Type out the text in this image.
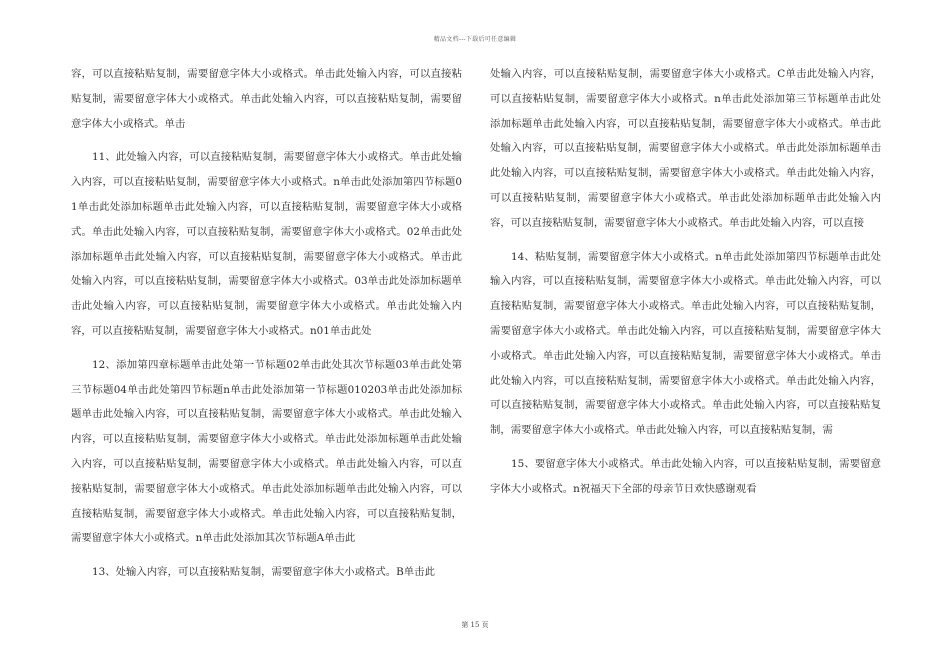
精品文档---下载后可任意编辑

容，可以直接粘贴复制，需要留意字体大小或格式。单击此处输入内容，可以直接粘贴复制，需要留意字体大小或格式。单击此处输入内容，可以直接粘贴复制，需要留意字体大小或格式。单击

11、此处输入内容，可以直接粘贴复制，需要留意字体大小或格式。单击此处输入内容，可以直接粘贴复制，需要留意字体大小或格式。n单击此处添加第四节标题01单击此处添加标题单击此处输入内容，可以直接粘贴复制，需要留意字体大小或格式。单击此处输入内容，可以直接粘贴复制，需要留意字体大小或格式。02单击此处添加标题单击此处输入内容，可以直接粘贴复制，需要留意字体大小或格式。单击此处输入内容，可以直接粘贴复制，需要留意字体大小或格式。03单击此处添加标题单击此处输入内容，可以直接粘贴复制，需要留意字体大小或格式。单击此处输入内容，可以直接粘贴复制，需要留意字体大小或格式。n01单击此处

12、添加第四章标题单击此处第一节标题02单击此处其次节标题03单击此处第三节标题04单击此处第四节标题n单击此处添加第一节标题010203单击此处添加标题单击此处输入内容，可以直接粘贴复制，需要留意字体大小或格式。单击此处输入内容，可以直接粘贴复制，需要留意字体大小或格式。单击此处添加标题单击此处输入内容，可以直接粘贴复制，需要留意字体大小或格式。单击此处输入内容，可以直接粘贴复制，需要留意字体大小或格式。单击此处添加标题单击此处输入内容，可以直接粘贴复制，需要留意字体大小或格式。单击此处输入内容，可以直接粘贴复制，需要留意字体大小或格式。n单击此处添加其次节标题A单击此

13、处输入内容，可以直接粘贴复制，需要留意字体大小或格式。B单击此

处输入内容，可以直接粘贴复制，需要留意字体大小或格式。C单击此处输入内容，可以直接粘贴复制，需要留意字体大小或格式。n单击此处添加第三节标题单击此处添加标题单击此处输入内容，可以直接粘贴复制，需要留意字体大小或格式。单击此处输入内容，可以直接粘贴复制，需要留意字体大小或格式。单击此处添加标题单击此处输入内容，可以直接粘贴复制，需要留意字体大小或格式。单击此处输入内容，可以直接粘贴复制，需要留意字体大小或格式。单击此处添加标题单击此处输入内容，可以直接粘贴复制，需要留意字体大小或格式。单击此处输入内容，可以直接

14、粘贴复制，需要留意字体大小或格式。n单击此处添加第四节标题单击此处输入内容，可以直接粘贴复制，需要留意字体大小或格式。单击此处输入内容，可以直接粘贴复制，需要留意字体大小或格式。单击此处输入内容，可以直接粘贴复制，需要留意字体大小或格式。单击此处输入内容，可以直接粘贴复制，需要留意字体大小或格式。单击此处输入内容，可以直接粘贴复制，需要留意字体大小或格式。单击此处输入内容，可以直接粘贴复制，需要留意字体大小或格式。单击此处输入内容，可以直接粘贴复制，需要留意字体大小或格式。单击此处输入内容，可以直接粘贴复制，需要留意字体大小或格式。单击此处输入内容，可以直接粘贴复制，需

15、要留意字体大小或格式。单击此处输入内容，可以直接粘贴复制，需要留意字体大小或格式。n祝福天下全部的母亲节日欢快感谢观看

第 15 页
